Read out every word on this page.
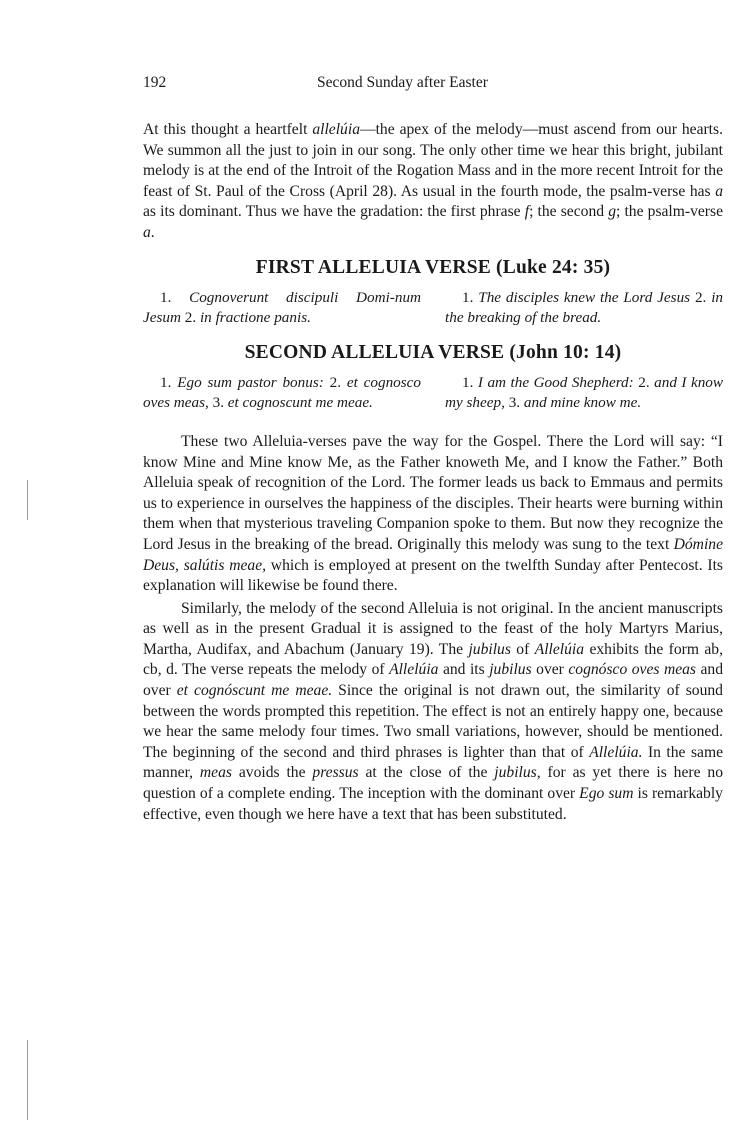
192	Second Sunday after Easter

At this thought a heartfelt allelúia—the apex of the melody—must ascend from our hearts. We summon all the just to join in our song. The only other time we hear this bright, jubilant melody is at the end of the Introit of the Rogation Mass and in the more recent Introit for the feast of St. Paul of the Cross (April 28). As usual in the fourth mode, the psalm-verse has a as its dominant. Thus we have the gradation: the first phrase f; the second g; the psalm-verse a.

FIRST ALLELUIA VERSE (Luke 24: 35)
1. Cognoverunt discipuli Domi-num Jesum 2. in fractione panis.
1. The disciples knew the Lord Jesus 2. in the breaking of the bread.
SECOND ALLELUIA VERSE (John 10: 14)
1. Ego sum pastor bonus: 2. et cognosco oves meas, 3. et cognoscunt me meae.
1. I am the Good Shepherd: 2. and I know my sheep, 3. and mine know me.

These two Alleluia-verses pave the way for the Gospel. There the Lord will say: “I know Mine and Mine know Me, as the Father knoweth Me, and I know the Father.” Both Alleluia speak of recognition of the Lord. The former leads us back to Emmaus and permits us to experience in ourselves the happiness of the disciples. Their hearts were burning within them when that mysterious traveling Companion spoke to them. But now they recognize the Lord Jesus in the breaking of the bread. Originally this melody was sung to the text Dómine Deus, salútis meae, which is employed at present on the twelfth Sunday after Pentecost. Its explanation will likewise be found there.

Similarly, the melody of the second Alleluia is not original. In the ancient manuscripts as well as in the present Gradual it is assigned to the feast of the holy Martyrs Marius, Martha, Audifax, and Abachum (January 19). The jubilus of Allelúia exhibits the form ab, cb, d. The verse repeats the melody of Allelúia and its jubilus over cognósco oves meas and over et cognóscunt me meae. Since the original is not drawn out, the similarity of sound between the words prompted this repetition. The effect is not an entirely happy one, because we hear the same melody four times. Two small variations, however, should be mentioned. The beginning of the second and third phrases is lighter than that of Allelúia. In the same manner, meas avoids the pressus at the close of the jubilus, for as yet there is here no question of a complete ending. The inception with the dominant over Ego sum is remarkably effective, even though we here have a text that has been substituted.
